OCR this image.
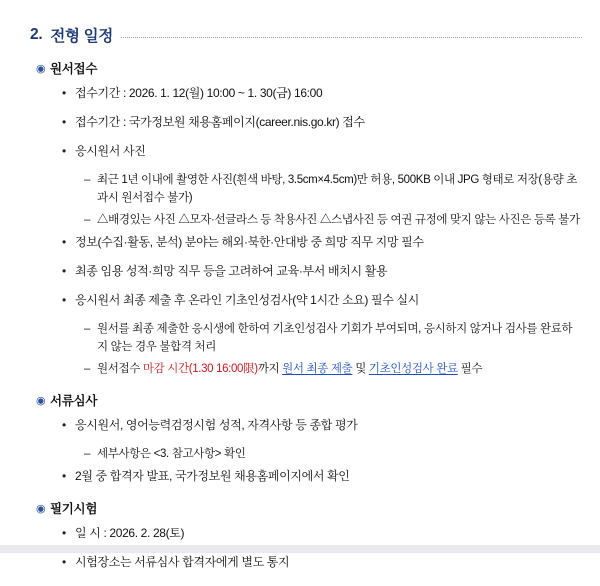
2. 전형 일정
◉ 원서접수
• 접수기간 : 2026. 1. 12(월) 10:00 ~ 1. 30(금) 16:00
• 접수기간 : 국가정보원 채용홈페이지(career.nis.go.kr) 접수
• 응시원서 사진
– 최근 1년 이내에 촬영한 사진(흰색 바탕, 3.5cm×4.5cm)만 허용, 500KB 이내 JPG 형태로 저장(용량 초과시 원서접수 불가)
– △배경있는 사진 △모자·선글라스 등 착용사진 △스냅사진 등 여권 규정에 맞지 않는 사진은 등록 불가
• 정보(수집·활동, 분석) 분야는 해외·북한·안대방 중 희망 직무 지망 필수
• 최종 임용 성적·희망 직무 등을 고려하여 교육·부서 배치시 활용
• 응시원서 최종 제출 후 온라인 기초인성검사(약 1시간 소요) 필수 실시
– 원서를 최종 제출한 응시생에 한하여 기초인성검사 기회가 부여되며, 응시하지 않거나 검사를 완료하지 않는 경우 불합격 처리
– 원서접수 마감 시간(1.30 16:00限)까지 원서 최종 제출 및 기초인성검사 완료 필수
◉ 서류심사
• 응시원서, 영어능력검정시험 성적, 자격사항 등 종합 평가
– 세부사항은 <3. 참고사항> 확인
• 2월 중 합격자 발표, 국가정보원 채용홈페이지에서 확인
◉ 필기시험
• 일 시 : 2026. 2. 28(토)
• 시험장소는 서류심사 합격자에게 별도 통지
